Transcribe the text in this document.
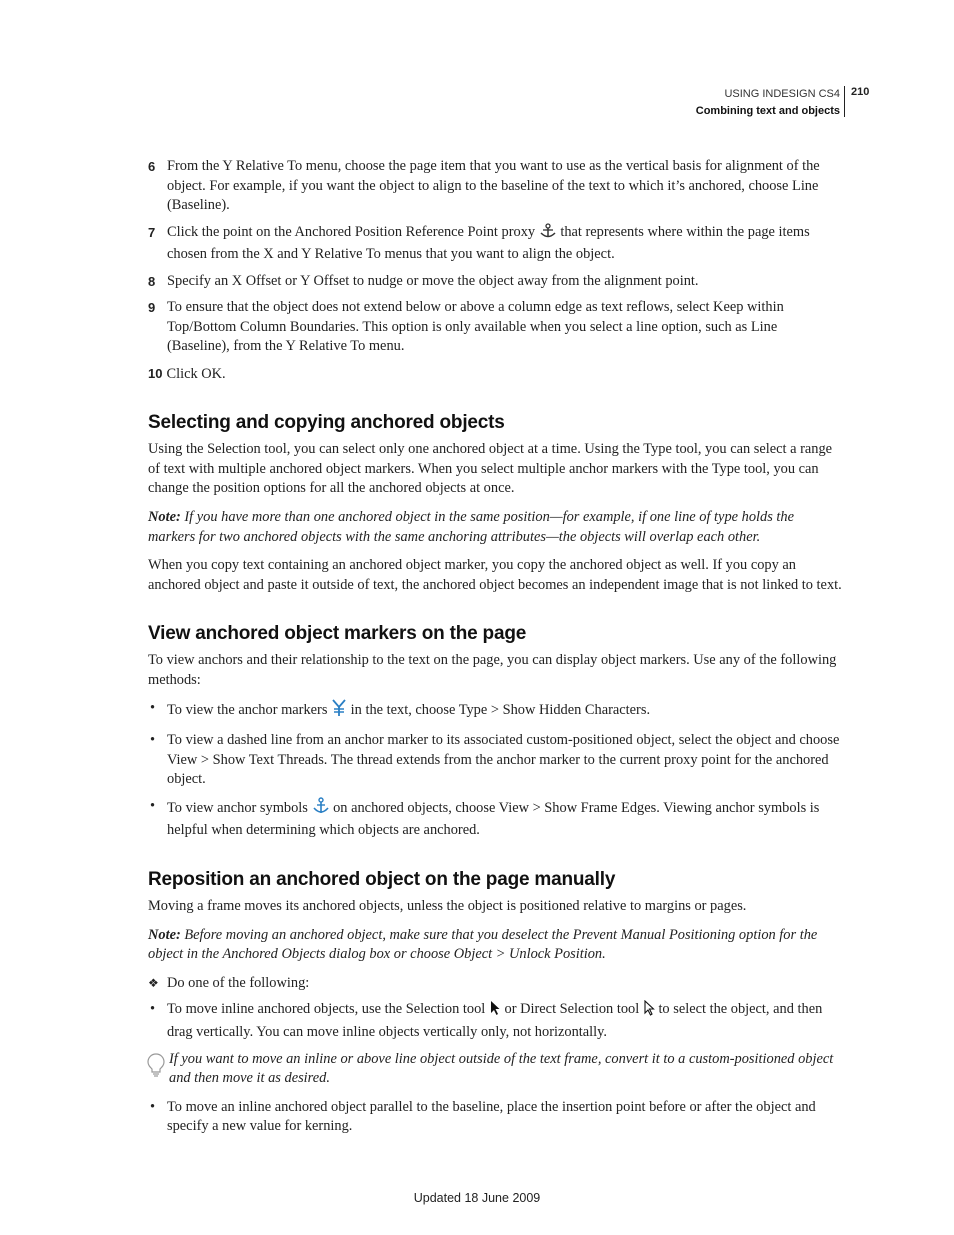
USING INDESIGN CS4
Combining text and objects
210
6 From the Y Relative To menu, choose the page item that you want to use as the vertical basis for alignment of the object. For example, if you want the object to align to the baseline of the text to which it’s anchored, choose Line (Baseline).
7 Click the point on the Anchored Position Reference Point proxy that represents where within the page items chosen from the X and Y Relative To menus that you want to align the object.
8 Specify an X Offset or Y Offset to nudge or move the object away from the alignment point.
9 To ensure that the object does not extend below or above a column edge as text reflows, select Keep within Top/Bottom Column Boundaries. This option is only available when you select a line option, such as Line (Baseline), from the Y Relative To menu.
10 Click OK.
Selecting and copying anchored objects

Using the Selection tool, you can select only one anchored object at a time. Using the Type tool, you can select a range of text with multiple anchored object markers. When you select multiple anchor markers with the Type tool, you can change the position options for all the anchored objects at once.

Note: If you have more than one anchored object in the same position—for example, if one line of type holds the markers for two anchored objects with the same anchoring attributes—the objects will overlap each other.

When you copy text containing an anchored object marker, you copy the anchored object as well. If you copy an anchored object and paste it outside of text, the anchored object becomes an independent image that is not linked to text.

View anchored object markers on the page

To view anchors and their relationship to the text on the page, you can display object markers. Use any of the following methods:

• To view the anchor markers in the text, choose Type > Show Hidden Characters.
• To view a dashed line from an anchor marker to its associated custom-positioned object, select the object and choose View > Show Text Threads. The thread extends from the anchor marker to the current proxy point for the anchored object.
• To view anchor symbols on anchored objects, choose View > Show Frame Edges. Viewing anchor symbols is helpful when determining which objects are anchored.
Reposition an anchored object on the page manually

Moving a frame moves its anchored objects, unless the object is positioned relative to margins or pages.

Note: Before moving an anchored object, make sure that you deselect the Prevent Manual Positioning option for the object in the Anchored Objects dialog box or choose Object > Unlock Position.

❖ Do one of the following:
• To move inline anchored objects, use the Selection tool or Direct Selection tool to select the object, and then drag vertically. You can move inline objects vertically only, not horizontally.
If you want to move an inline or above line object outside of the text frame, convert it to a custom-positioned object and then move it as desired.
• To move an inline anchored object parallel to the baseline, place the insertion point before or after the object and specify a new value for kerning.
Updated 18 June 2009
